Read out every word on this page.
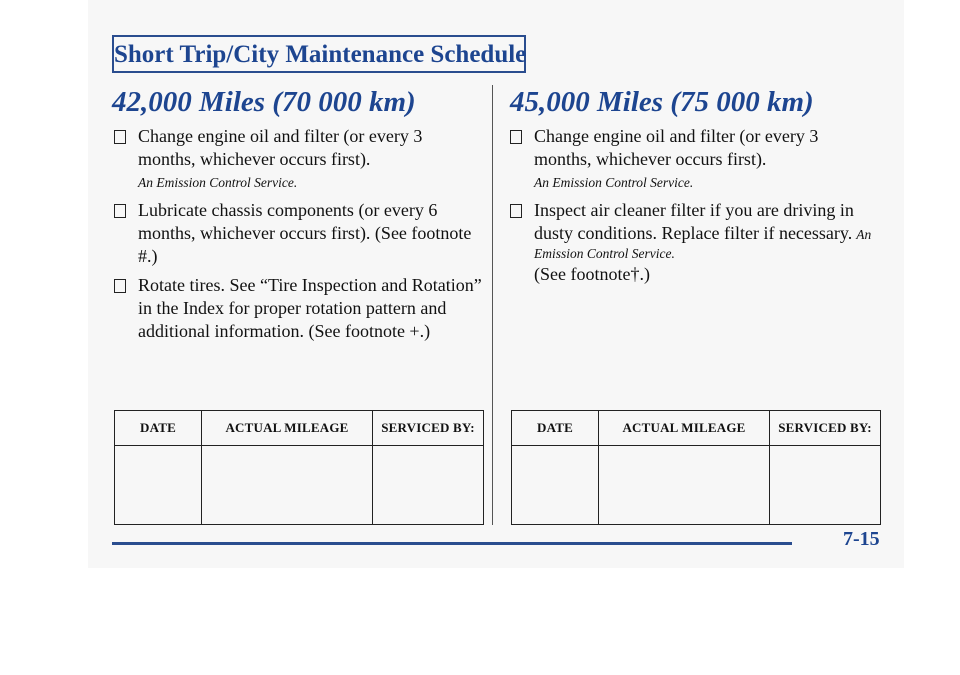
Short Trip/City Maintenance Schedule
42,000 Miles (70 000 km)
Change engine oil and filter (or every 3 months, whichever occurs first).
An Emission Control Service.
Lubricate chassis components (or every 6 months, whichever occurs first). (See footnote #.)
Rotate tires. See “Tire Inspection and Rotation” in the Index for proper rotation pattern and additional information. (See footnote +.)
DATE	ACTUAL MILEAGE	SERVICED BY:

45,000 Miles (75 000 km)
Change engine oil and filter (or every 3 months, whichever occurs first).
An Emission Control Service.
Inspect air cleaner filter if you are driving in dusty conditions. Replace filter if necessary. An Emission Control Service.
(See footnote†.)
DATE	ACTUAL MILEAGE	SERVICED BY:

7-15
